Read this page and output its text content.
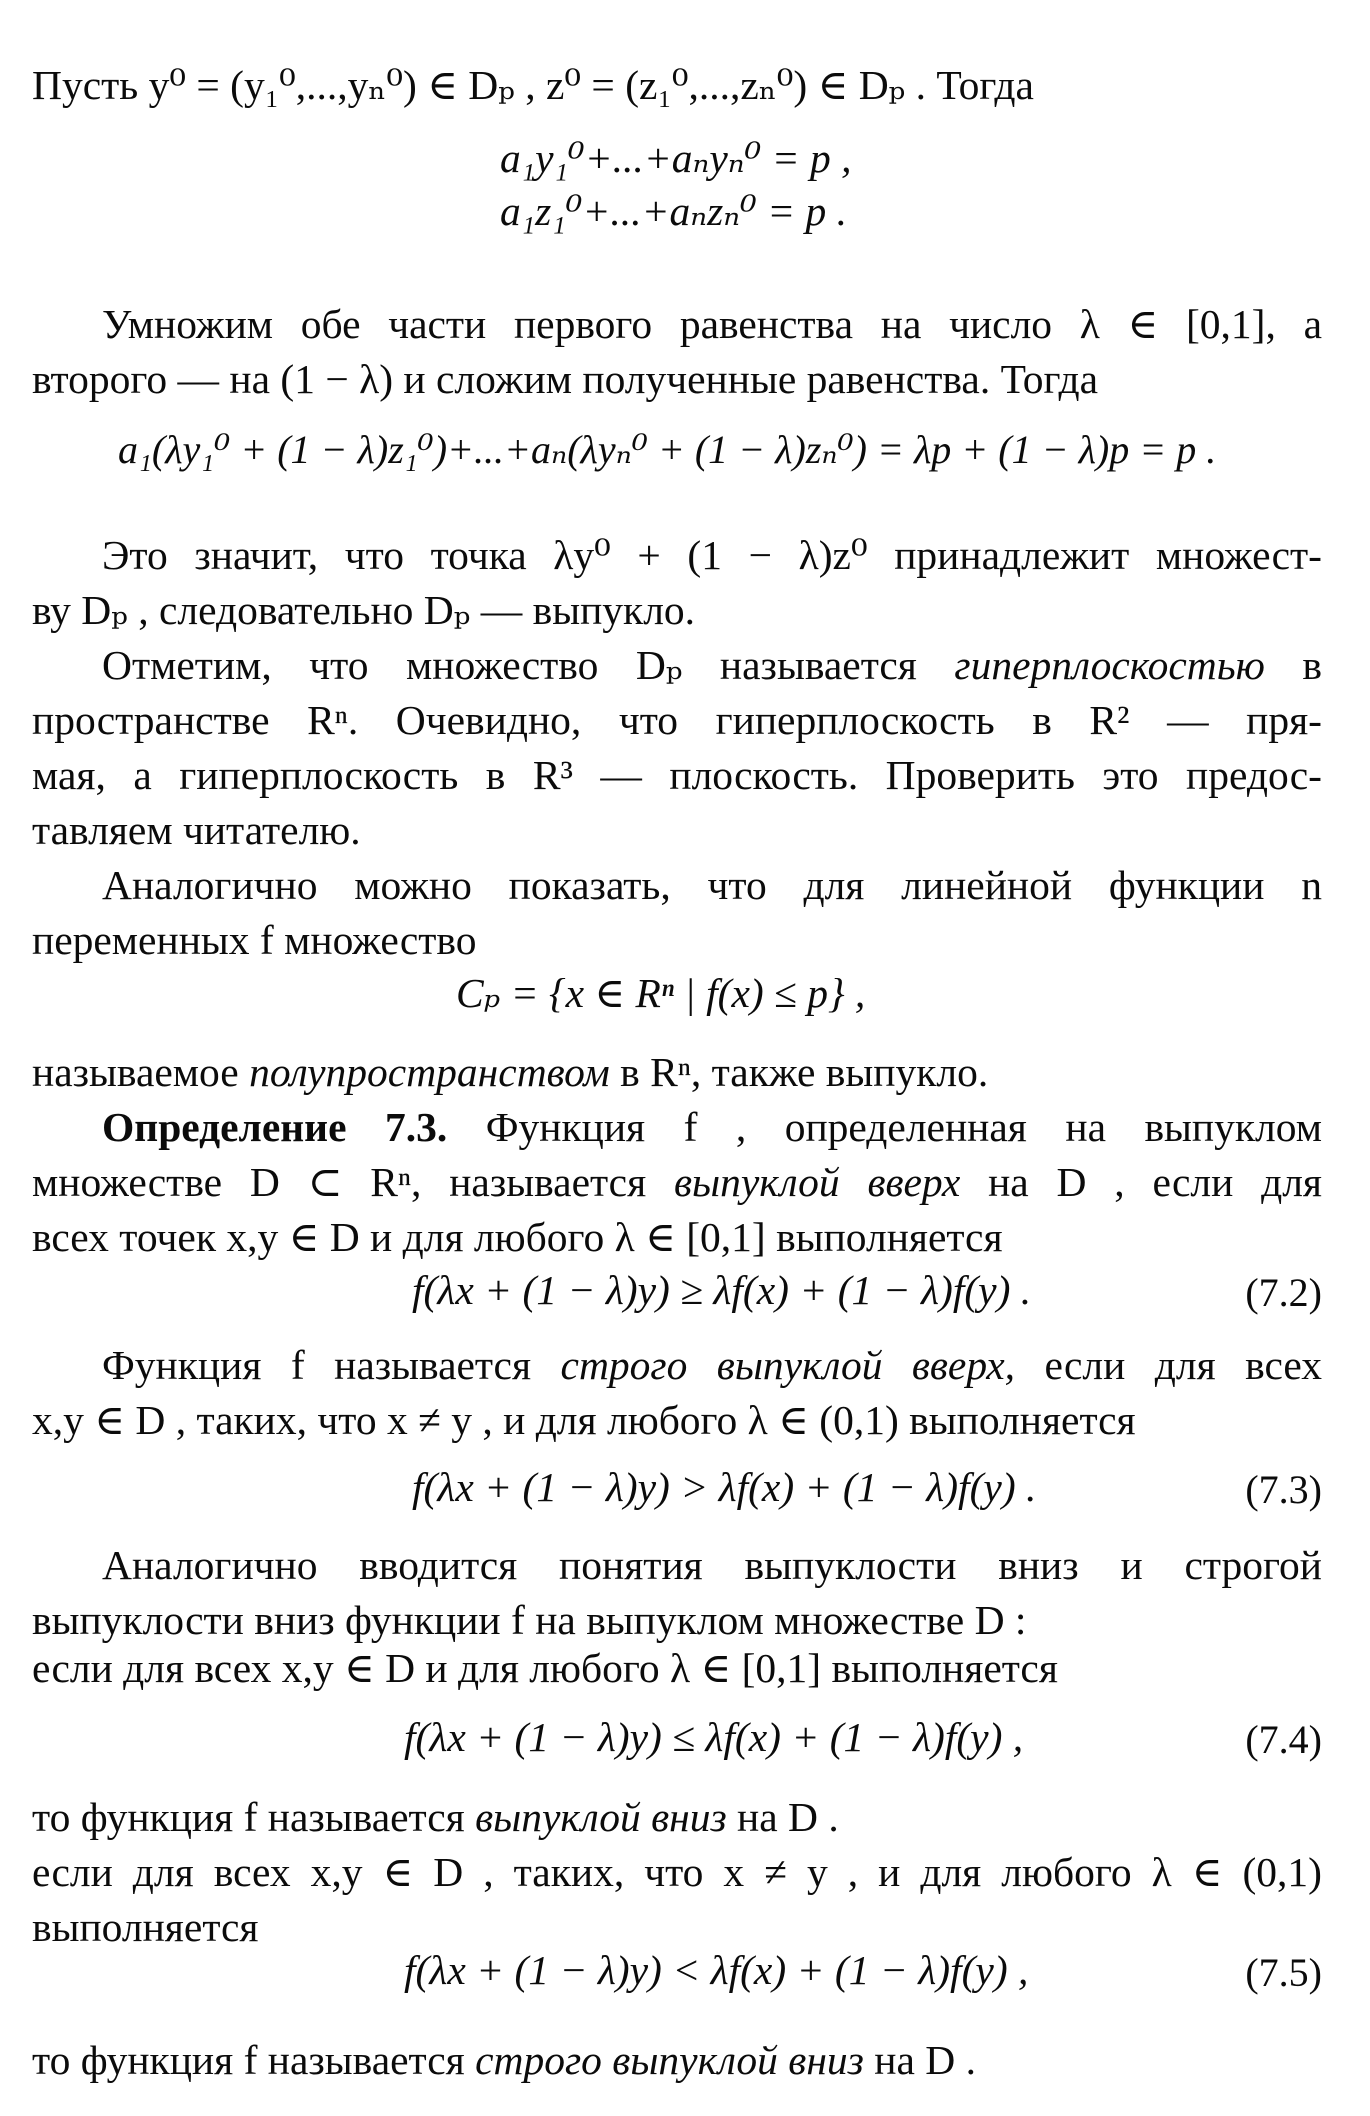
Пусть y⁰ = (y₁⁰,...,yₙ⁰) ∈ Dₚ , z⁰ = (z₁⁰,...,zₙ⁰) ∈ Dₚ . Тогда
a₁y₁⁰+...+aₙyₙ⁰ = p ,
a₁z₁⁰+...+aₙzₙ⁰ = p .
Умножим обе части первого равенства на число λ ∈ [0,1], а
второго — на (1 − λ) и сложим полученные равенства. Тогда
a₁(λy₁⁰ + (1 − λ)z₁⁰)+...+aₙ(λyₙ⁰ + (1 − λ)zₙ⁰) = λp + (1 − λ)p = p .
Это значит, что точка λy⁰ + (1 − λ)z⁰ принадлежит множест-
ву Dₚ , следовательно Dₚ — выпукло.
Отметим, что множество Dₚ называется гиперплоскостью в
пространстве Rⁿ. Очевидно, что гиперплоскость в R² — пря-
мая, а гиперплоскость в R³ — плоскость. Проверить это предос-
тавляем читателю.
Аналогично можно показать, что для линейной функции n
переменных f множество
Cₚ = {x ∈ Rⁿ | f(x) ≤ p} ,
называемое полупространством в Rⁿ, также выпукло.
Определение 7.3. Функция f , определенная на выпуклом
множестве D ⊂ Rⁿ, называется выпуклой вверх на D , если для
всех точек x,y ∈ D и для любого λ ∈ [0,1] выполняется
f(λx + (1 − λ)y) ≥ λf(x) + (1 − λ)f(y) .	(7.2)
Функция f называется строго выпуклой вверх, если для всех
x,y ∈ D , таких, что x ≠ y , и для любого λ ∈ (0,1) выполняется
f(λx + (1 − λ)y) > λf(x) + (1 − λ)f(y) .	(7.3)
Аналогично вводится понятия выпуклости вниз и строгой
выпуклости вниз функции f на выпуклом множестве D :
если для всех x,y ∈ D и для любого λ ∈ [0,1] выполняется
f(λx + (1 − λ)y) ≤ λf(x) + (1 − λ)f(y) ,	(7.4)
то функция f называется выпуклой вниз на D .
если для всех x,y ∈ D , таких, что x ≠ y , и для любого λ ∈ (0,1)
выполняется
f(λx + (1 − λ)y) < λf(x) + (1 − λ)f(y) ,	(7.5)
то функция f называется строго выпуклой вниз на D .
